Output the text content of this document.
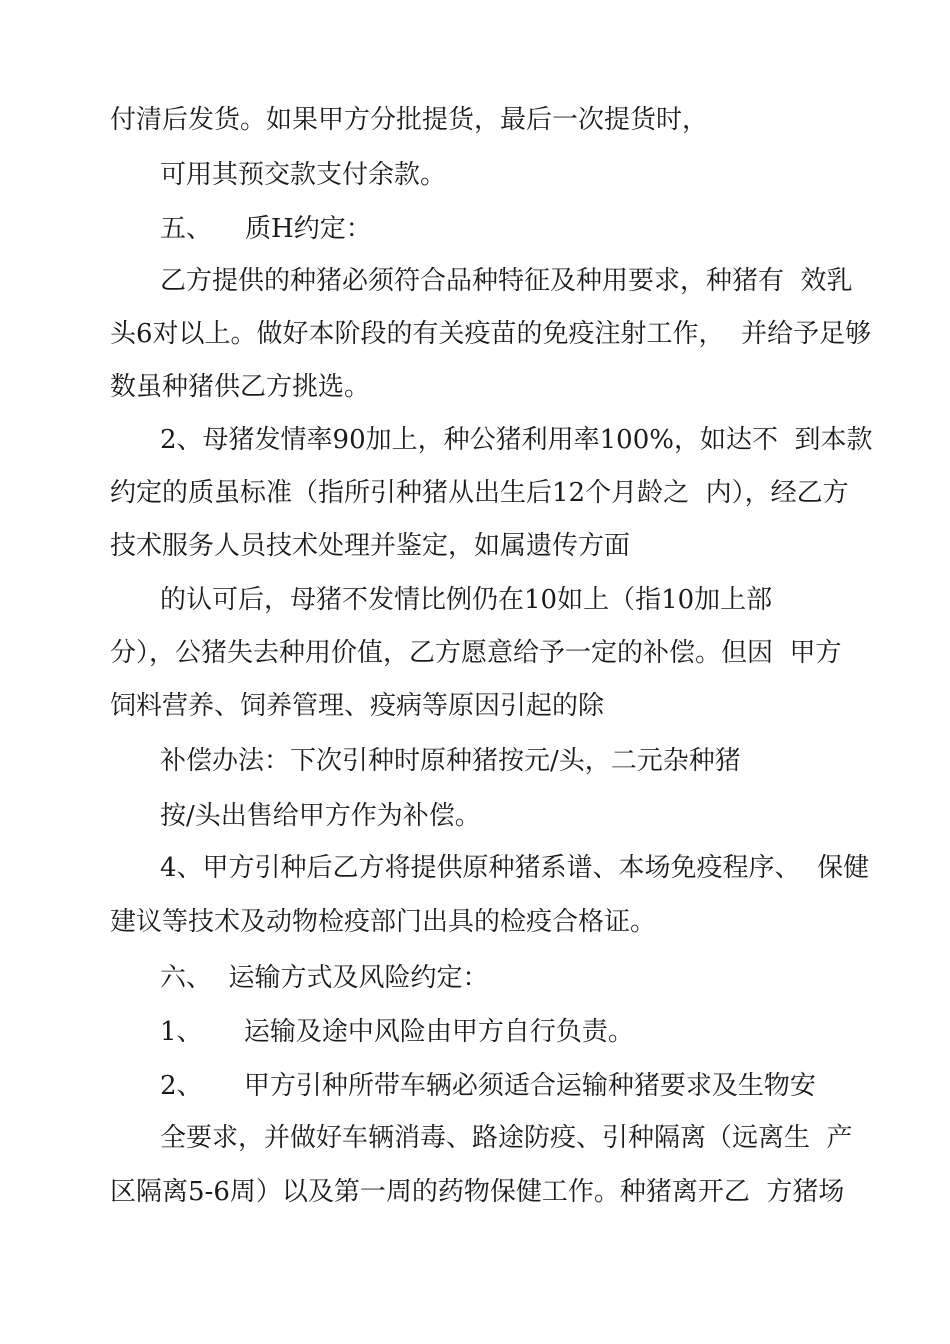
付清后发货。如果甲方分批提货，最后一次提货时，

可用其预交款支付余款。

五、    质H约定：

乙方提供的种猪必须符合品种特征及种用要求，种猪有  效乳

头6对以上。做好本阶段的有关疫苗的免疫注射工作，  并给予足够

数虽种猪供乙方挑选。

2、母猪发情率90加上，种公猪利用率100%，如达不  到本款

约定的质虽标准（指所引种猪从出生后12个月龄之  内），经乙方

技术服务人员技术处理并鉴定，如属遗传方面

的认可后，母猪不发情比例仍在10如上（指10加上部

分），公猪失去种用价值，乙方愿意给予一定的补偿。但因  甲方

饲料营养、饲养管理、疫病等原因引起的除

补偿办法：下次引种时原种猪按元/头，二元杂种猪

按/头出售给甲方作为补偿。

4、甲方引种后乙方将提供原种猪系谱、本场免疫程序、  保健

建议等技术及动物检疫部门出具的检疫合格证。

六、  运输方式及风险约定：

1、     运输及途中风险由甲方自行负责。

2、     甲方引种所带车辆必须适合运输种猪要求及生物安

全要求，并做好车辆消毒、路途防疫、引种隔离（远离生  产

区隔离5-6周）以及第一周的药物保健工作。种猪离开乙  方猪场
